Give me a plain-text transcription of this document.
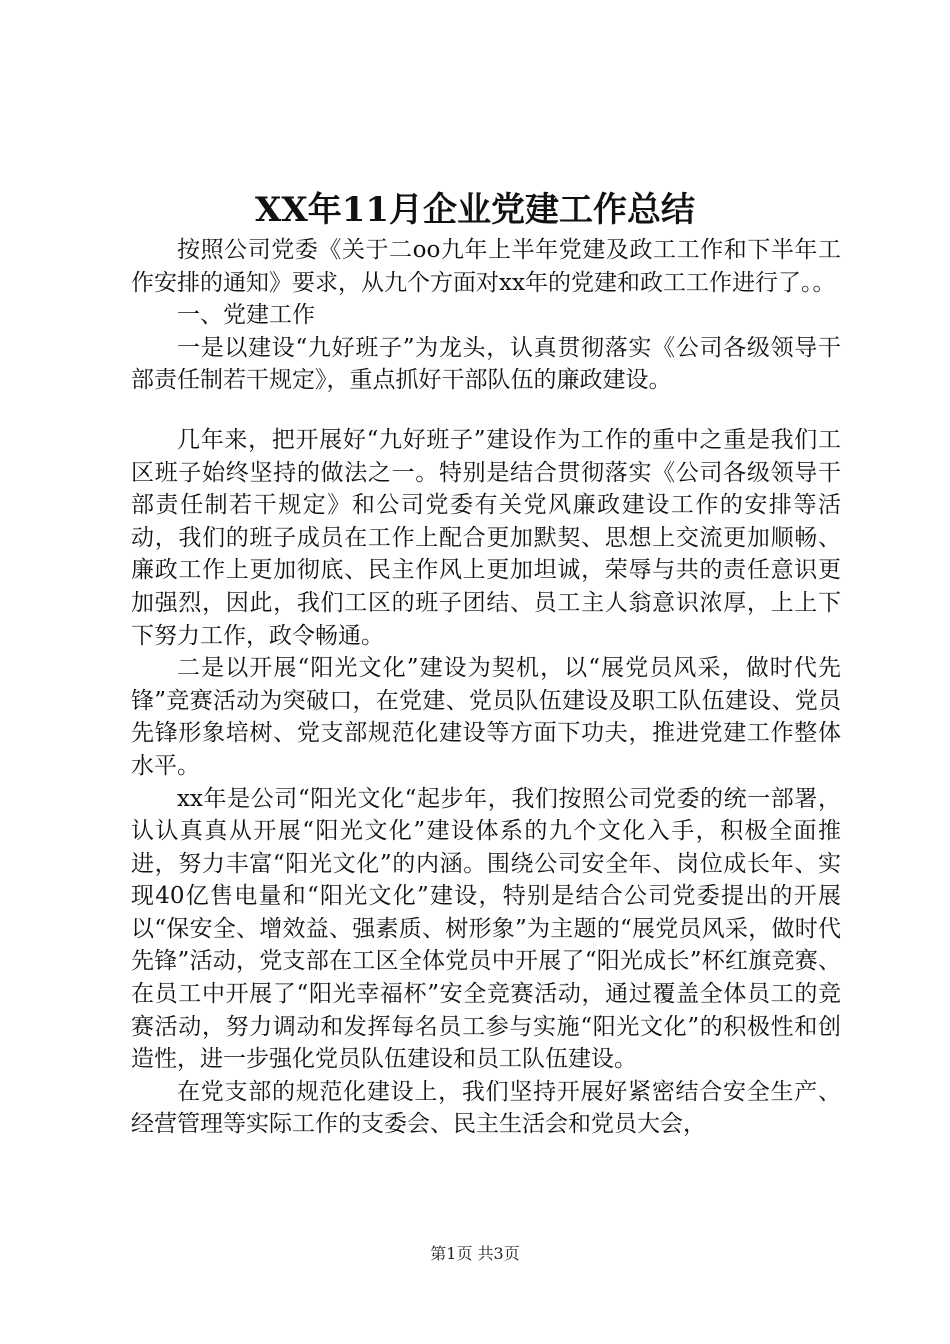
XX年11月企业党建工作总结

按照公司党委《关于二oo九年上半年党建及政工工作和下半年工作安排的通知》要求，从九个方面对xx年的党建和政工工作进行了。。

一、党建工作

一是以建设“九好班子”为龙头，认真贯彻落实《公司各级领导干部责任制若干规定》，重点抓好干部队伍的廉政建设。

几年来，把开展好“九好班子”建设作为工作的重中之重是我们工区班子始终坚持的做法之一。特别是结合贯彻落实《公司各级领导干部责任制若干规定》和公司党委有关党风廉政建设工作的安排等活动，我们的班子成员在工作上配合更加默契、思想上交流更加顺畅、廉政工作上更加彻底、民主作风上更加坦诚，荣辱与共的责任意识更加强烈，因此，我们工区的班子团结、员工主人翁意识浓厚，上上下下努力工作，政令畅通。

二是以开展“阳光文化”建设为契机，以“展党员风采，做时代先锋”竞赛活动为突破口，在党建、党员队伍建设及职工队伍建设、党员先锋形象培树、党支部规范化建设等方面下功夫，推进党建工作整体水平。

xx年是公司“阳光文化“起步年，我们按照公司党委的统一部署，认认真真从开展“阳光文化”建设体系的九个文化入手，积极全面推进，努力丰富“阳光文化”的内涵。围绕公司安全年、岗位成长年、实现40亿售电量和“阳光文化”建设，特别是结合公司党委提出的开展以“保安全、增效益、强素质、树形象”为主题的“展党员风采，做时代先锋”活动，党支部在工区全体党员中开展了“阳光成长”杯红旗竞赛、在员工中开展了“阳光幸福杯”安全竞赛活动，通过覆盖全体员工的竞赛活动，努力调动和发挥每名员工参与实施“阳光文化”的积极性和创造性，进一步强化党员队伍建设和员工队伍建设。

在党支部的规范化建设上，我们坚持开展好紧密结合安全生产、经营管理等实际工作的支委会、民主生活会和党员大会，

第1页 共3页
